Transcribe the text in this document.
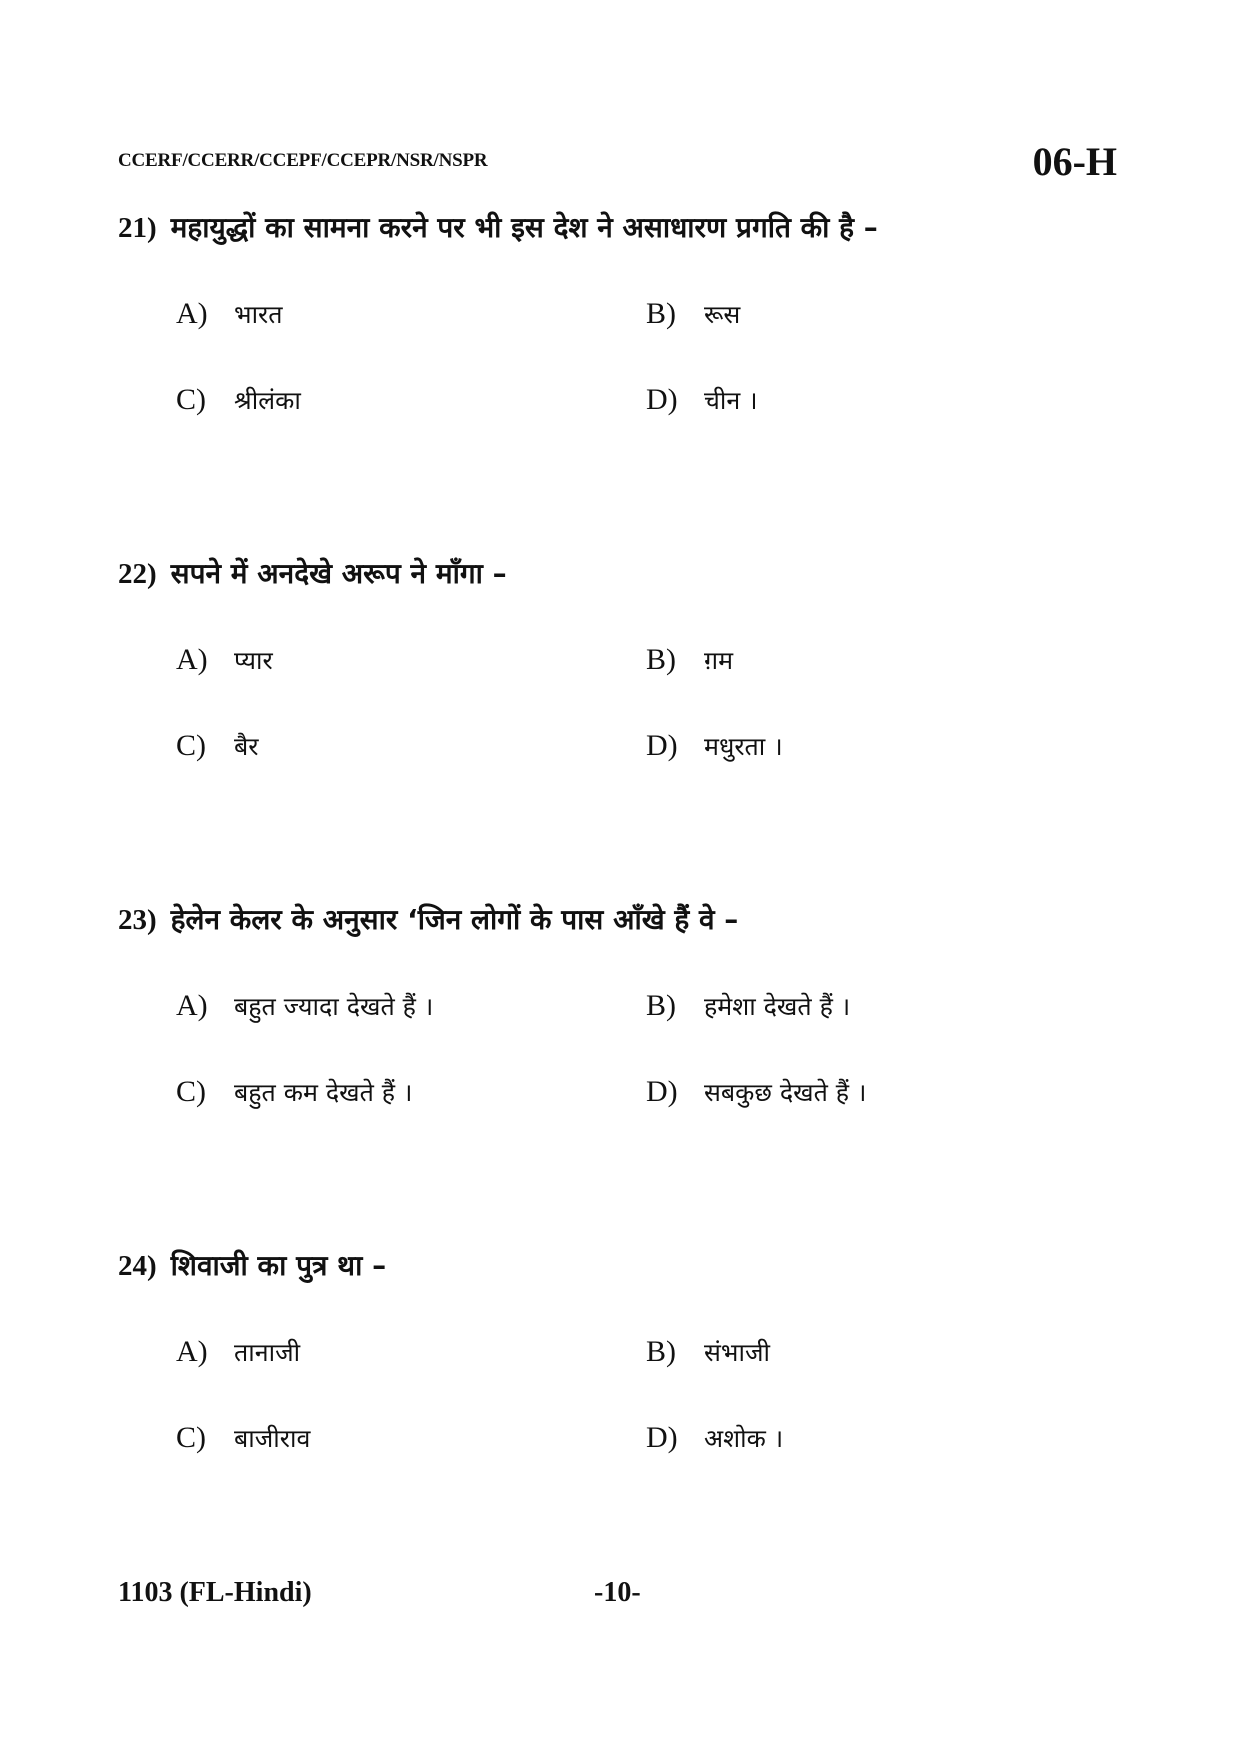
CCERF/CCERR/CCEPF/CCEPR/NSR/NSPR	06-H
21) महायुद्धों का सामना करने पर भी इस देश ने असाधारण प्रगति की है –
A)	भारत	B)	रूस
C)	श्रीलंका	D)	चीन ।
22) सपने में अनदेखे अरूप ने माँगा –
A)	प्यार	B)	ग़म
C)	बैर	D)	मधुरता ।
23) हेलेन केलर के अनुसार ‘जिन लोगों के पास आँखे हैं वे –
A)	बहुत ज्यादा देखते हैं ।	B)	हमेशा देखते हैं ।
C)	बहुत कम देखते हैं ।	D)	सबकुछ देखते हैं ।
24) शिवाजी का पुत्र था –
A)	तानाजी	B)	संभाजी
C)	बाजीराव	D)	अशोक ।
1103 (FL-Hindi)	-10-
